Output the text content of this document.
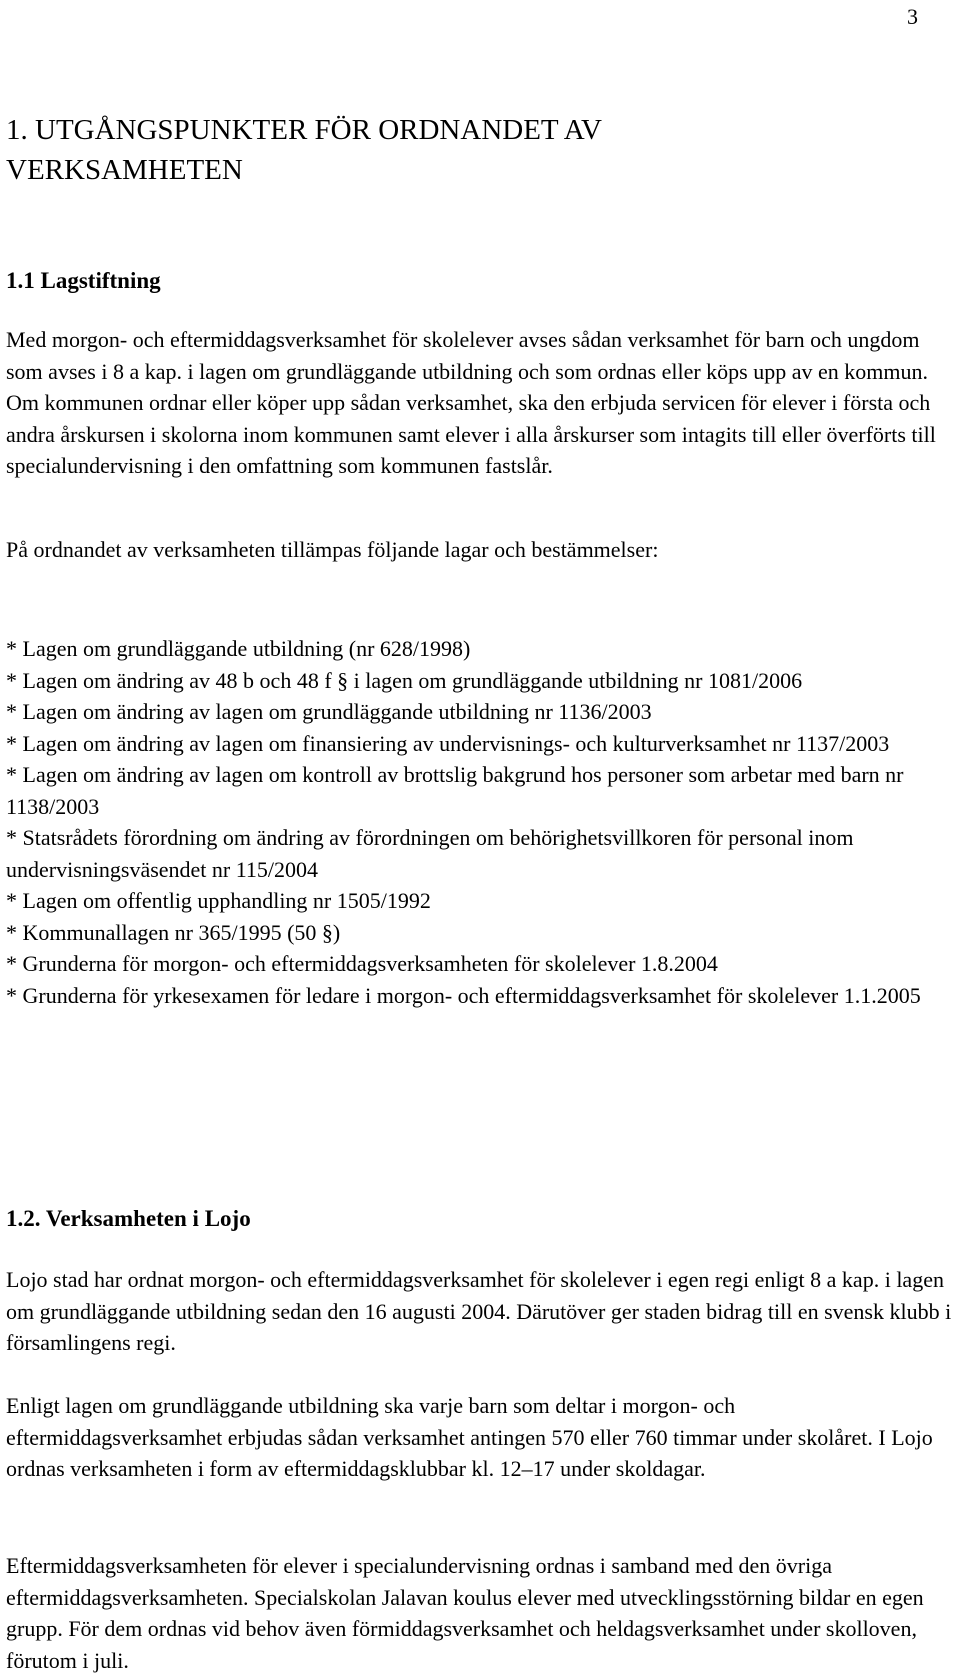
3
1. UTGÅNGSPUNKTER FÖR ORDNANDET AV VERKSAMHETEN
1.1 Lagstiftning

Med morgon- och eftermiddagsverksamhet för skolelever avses sådan verksamhet för barn och ungdom som avses i 8 a kap. i lagen om grundläggande utbildning och som ordnas eller köps upp av en kommun. Om kommunen ordnar eller köper upp sådan verksamhet, ska den erbjuda servicen för elever i första och andra årskursen i skolorna inom kommunen samt elever i alla årskurser som intagits till eller överförts till specialundervisning i den omfattning som kommunen fastslår.

På ordnandet av verksamheten tillämpas följande lagar och bestämmelser:

* Lagen om grundläggande utbildning (nr 628/1998)
* Lagen om ändring av 48 b och 48 f § i lagen om grundläggande utbildning nr 1081/2006
* Lagen om ändring av lagen om grundläggande utbildning nr 1136/2003
* Lagen om ändring av lagen om finansiering av undervisnings- och kulturverksamhet nr 1137/2003
* Lagen om ändring av lagen om kontroll av brottslig bakgrund hos personer som arbetar med barn nr 1138/2003
* Statsrådets förordning om ändring av förordningen om behörighetsvillkoren för personal inom undervisningsväsendet nr 115/2004
* Lagen om offentlig upphandling nr 1505/1992
* Kommunallagen nr 365/1995 (50 §)
* Grunderna för morgon- och eftermiddagsverksamheten för skolelever 1.8.2004
* Grunderna för yrkesexamen för ledare i morgon- och eftermiddagsverksamhet för skolelever 1.1.2005
1.2. Verksamheten i Lojo

Lojo stad har ordnat morgon- och eftermiddagsverksamhet för skolelever i egen regi enligt 8 a kap. i lagen om grundläggande utbildning sedan den 16 augusti 2004. Därutöver ger staden bidrag till en svensk klubb i församlingens regi.

Enligt lagen om grundläggande utbildning ska varje barn som deltar i morgon- och eftermiddagsverksamhet erbjudas sådan verksamhet antingen 570 eller 760 timmar under skolåret. I Lojo ordnas verksamheten i form av eftermiddagsklubbar kl. 12–17 under skoldagar.

Eftermiddagsverksamheten för elever i specialundervisning ordnas i samband med den övriga eftermiddagsverksamheten. Specialskolan Jalavan koulus elever med utvecklingsstörning bildar en egen grupp. För dem ordnas vid behov även förmiddagsverksamhet och heldagsverksamhet under skolloven, förutom i juli.
